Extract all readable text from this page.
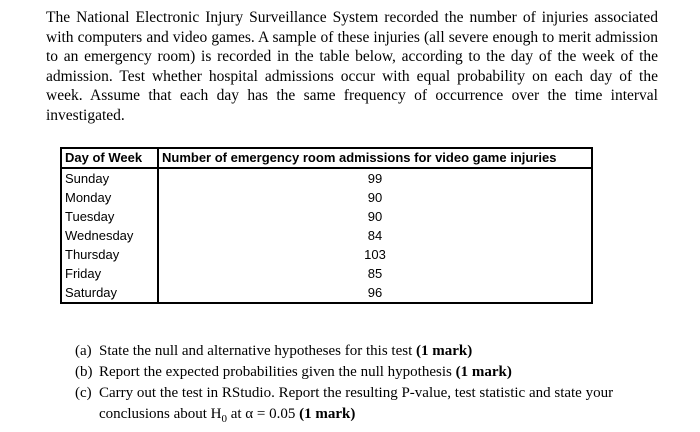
The National Electronic Injury Surveillance System recorded the number of injuries associated with computers and video games. A sample of these injuries (all severe enough to merit admission to an emergency room) is recorded in the table below, according to the day of the week of the admission. Test whether hospital admissions occur with equal probability on each day of the week. Assume that each day has the same frequency of occurrence over the time interval investigated.

Day of Week	Number of emergency room admissions for video game injuries
Sunday	99
Monday	90
Tuesday	90
Wednesday	84
Thursday	103
Friday	85
Saturday	96
(a) State the null and alternative hypotheses for this test (1 mark)
(b) Report the expected probabilities given the null hypothesis (1 mark)
(c) Carry out the test in RStudio. Report the resulting P-value, test statistic and state your conclusions about $H_0$ at α = 0.05 (1 mark)
